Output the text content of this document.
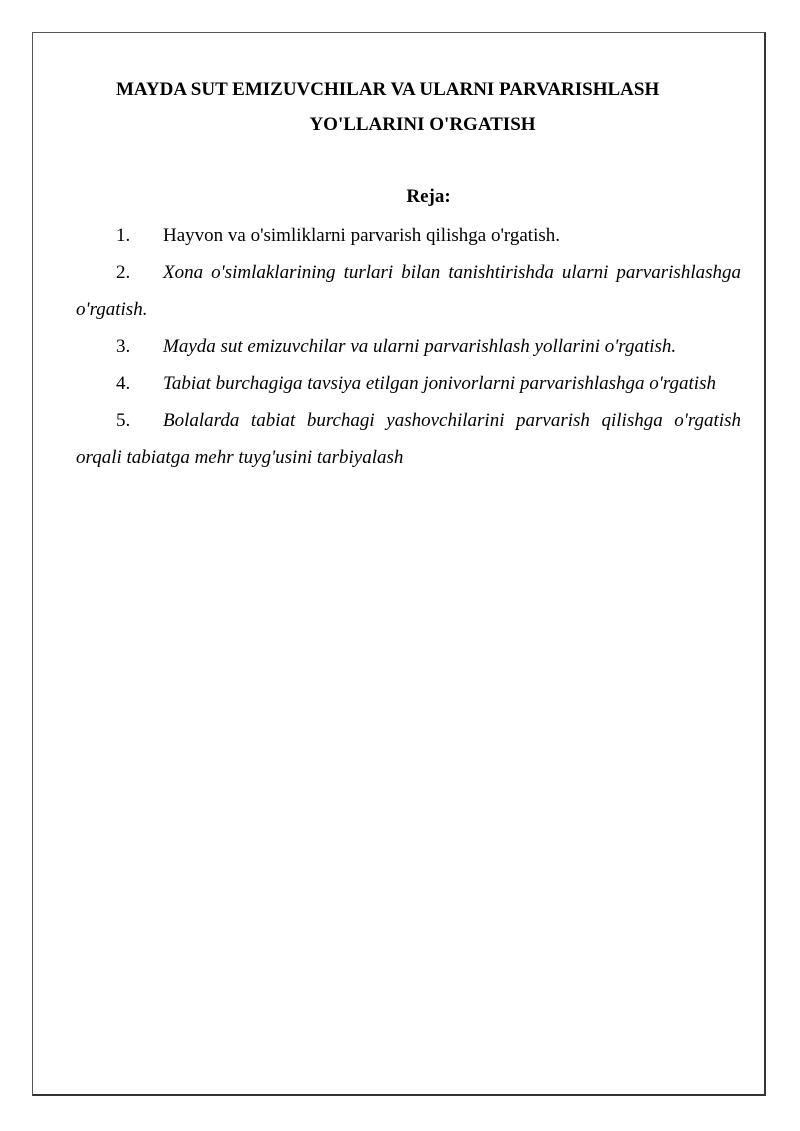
MAYDA SUT EMIZUVCHILAR VA ULARNI PARVARISHLASH
YO'LLARINI O'RGATISH
Reja:
1. Hayvon va o'simliklarni parvarish qilishga o'rgatish.
2. Xona o'simlaklarining turlari bilan tanishtirishda ularni parvarishlashga o'rgatish.
3. Mayda sut emizuvchilar va ularni parvarishlash yollarini o'rgatish.
4. Tabiat burchagiga tavsiya etilgan jonivorlarni parvarishlashga o'rgatish
5. Bolalarda tabiat burchagi yashovchilarini parvarish qilishga o'rgatish orqali tabiatga mehr tuyg'usini tarbiyalash
